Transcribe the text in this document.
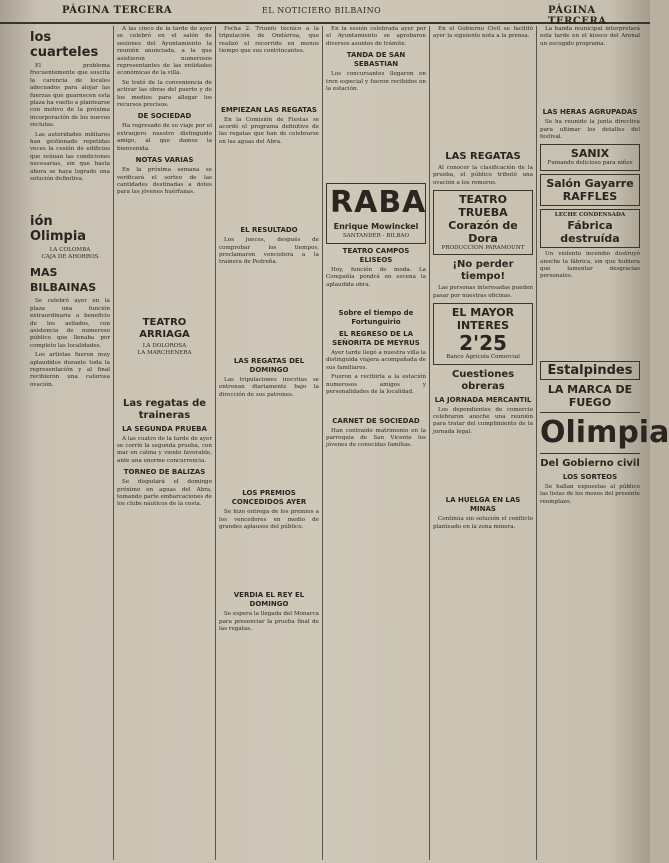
PÁGINA TERCERA	EL NOTICIERO BILBAINO	PÁGINA TERCERA
los cuarteles

El problema frecuentemente que suscita la carencia de locales adecuados para alojar las fuerzas que guarnecen esta plaza ha vuelto a plantearse con motivo de la próxima incorporación de los nuevos reclutas.

Las autoridades militares han gestionado repetidas veces la cesión de edificios que reúnan las condiciones necesarias, sin que hasta ahora se haya logrado una solución definitiva.

ión Olimpia
LA COLOMBA
CAJA DE AHORROS
MAS BILBAINAS

Se celebró ayer en la plaza una función extraordinaria a beneficio de los asilados, con asistencia de numeroso público que llenaba por completo las localidades.

Los artistas fueron muy aplaudidos durante toda la representación y al final recibieron una calurosa ovación.

A las cinco de la tarde de ayer se celebró en el salón de sesiones del Ayuntamiento la reunión anunciada, a la que asistieron numerosos representantes de las entidades económicas de la villa.

Se trató de la conveniencia de activar las obras del puerto y de los medios para allegar los recursos precisos.

DE SOCIEDAD

Ha regresado de su viaje por el extranjero nuestro distinguido amigo, al que damos la bienvenida.

NOTAS VARIAS

En la próxima semana se verificará el sorteo de las cantidades destinadas a dotes para las jóvenes huérfanas.

TEATRO ARRIAGA
LA DOLOROSA
LA MARCHENERA
Las regatas de traineras
LA SEGUNDA PRUEBA

A las cuatro de la tarde de ayer se corrió la segunda prueba, con mar en calma y viento favorable, ante una enorme concurrencia.

TORNEO DE BALIZAS

Se disputará el domingo próximo en aguas del Abra, tomando parte embarcaciones de los clubs náuticos de la costa.

Fecha 2. Triunfo técnico a la tripulación de Ondárroa, que realizó el recorrido en menos tiempo que sus contrincantes.

EMPIEZAN LAS REGATAS

En la Comisión de Fiestas se acordó el programa definitivo de las regatas que han de celebrarse en las aguas del Abra.

EL RESULTADO

Los jueces, después de comprobar los tiempos, proclamaron vencedora a la trainera de Pedreña.

LAS REGATAS DEL DOMINGO

Las tripulaciones inscritas se entrenan diariamente bajo la dirección de sus patrones.

LOS PREMIOS CONCEDIDOS AYER

Se hizo entrega de los premios a los vencedores en medio de grandes aplausos del público.

VERDIA EL REY EL DOMINGO

Se espera la llegada del Monarca para presenciar la prueba final de las regatas.

En la sesión celebrada ayer por el Ayuntamiento se aprobaron diversos asuntos de trámite.

TANDA DE SAN SEBASTIAN

Los concursantes llegaron en tren especial y fueron recibidos en la estación.

RABA
Enrique Mowinckel
SANTANDER - BILBAO
TEATRO CAMPOS ELISEOS

Hoy, función de moda. La Compañía pondrá en escena la aplaudida obra.

Sobre el tiempo de Fortunguirio
EL REGRESO DE LA SEÑORITA DE MEYRUS

Ayer tarde llegó a nuestra villa la distinguida viajera acompañada de sus familiares.

Fueron a recibirla a la estación numerosos amigos y personalidades de la localidad.

CARNET DE SOCIEDAD

Han contraído matrimonio en la parroquia de San Vicente los jóvenes de conocidas familias.

En el Gobierno Civil se facilitó ayer la siguiente nota a la prensa.

LAS REGATAS

Al conocer la clasificación de la prueba, el público tributó una ovación a los remeros.

TEATRO TRUEBA
Corazón de Dora
PRODUCCIÓN PARAMOUNT
¡No perder tiempo!

Las personas interesadas pueden pasar por nuestras oficinas.

EL MAYOR INTERES
2'25
Banco Agrícola Comercial
Cuestiones obreras
LA JORNADA MERCANTIL

Los dependientes de comercio celebraron anoche una reunión para tratar del cumplimiento de la jornada legal.

LA HUELGA EN LAS MINAS

Continúa sin solución el conflicto planteado en la zona minera.

La banda municipal interpretará esta tarde en el kiosco del Arenal un escogido programa.

LAS HERAS AGRUPADAS

Se ha reunido la junta directiva para ultimar los detalles del festival.

SANIX
Fumando delicioso para niños
Salón Gayarre
RAFFLES
LECHE CONDENSADA
Fábrica destruída

Un violento incendio destruyó anoche la fábrica, sin que hubiera que lamentar desgracias personales.

Estalpindes
LA MARCA DE FUEGO
Olimpia
Del Gobierno civil
LOS SORTEOS

Se hallan expuestas al público las listas de los mozos del presente reemplazo.
